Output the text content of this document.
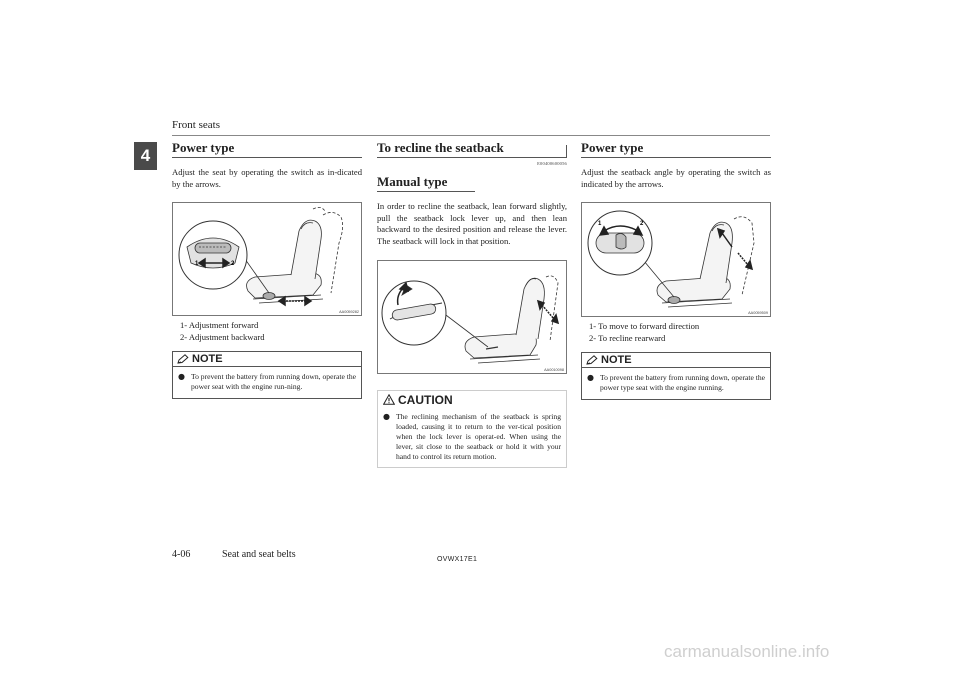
Front seats
4	Power type

Adjust the seat by operating the switch as in-dicated by the arrows.

1	2
AA0059282
1- Adjustment forward
2- Adjustment backward
NOTE
● To prevent the battery from running down, operate the power seat with the engine run-ning.
To recline the seatback
E00400600056
Manual type

In order to recline the seatback, lean forward slightly, pull the seatback lock lever up, and then lean backward to the desired position and release the lever. The seatback will lock in that position.

AA0010098
CAUTION
● The reclining mechanism of the seatback is spring loaded, causing it to return to the ver-tical position when the lock lever is operat-ed. When using the lever, sit close to the seatback or hold it with your hand to control its return motion.
Power type

Adjust the seatback angle by operating the switch as indicated by the arrows.

1	2
AA0059509
1- To move to forward direction
2- To recline rearward
NOTE
● To prevent the battery from running down, operate the power type seat with the engine running.
4-06	Seat and seat belts	OVWX17E1
carmanualsonline.info
